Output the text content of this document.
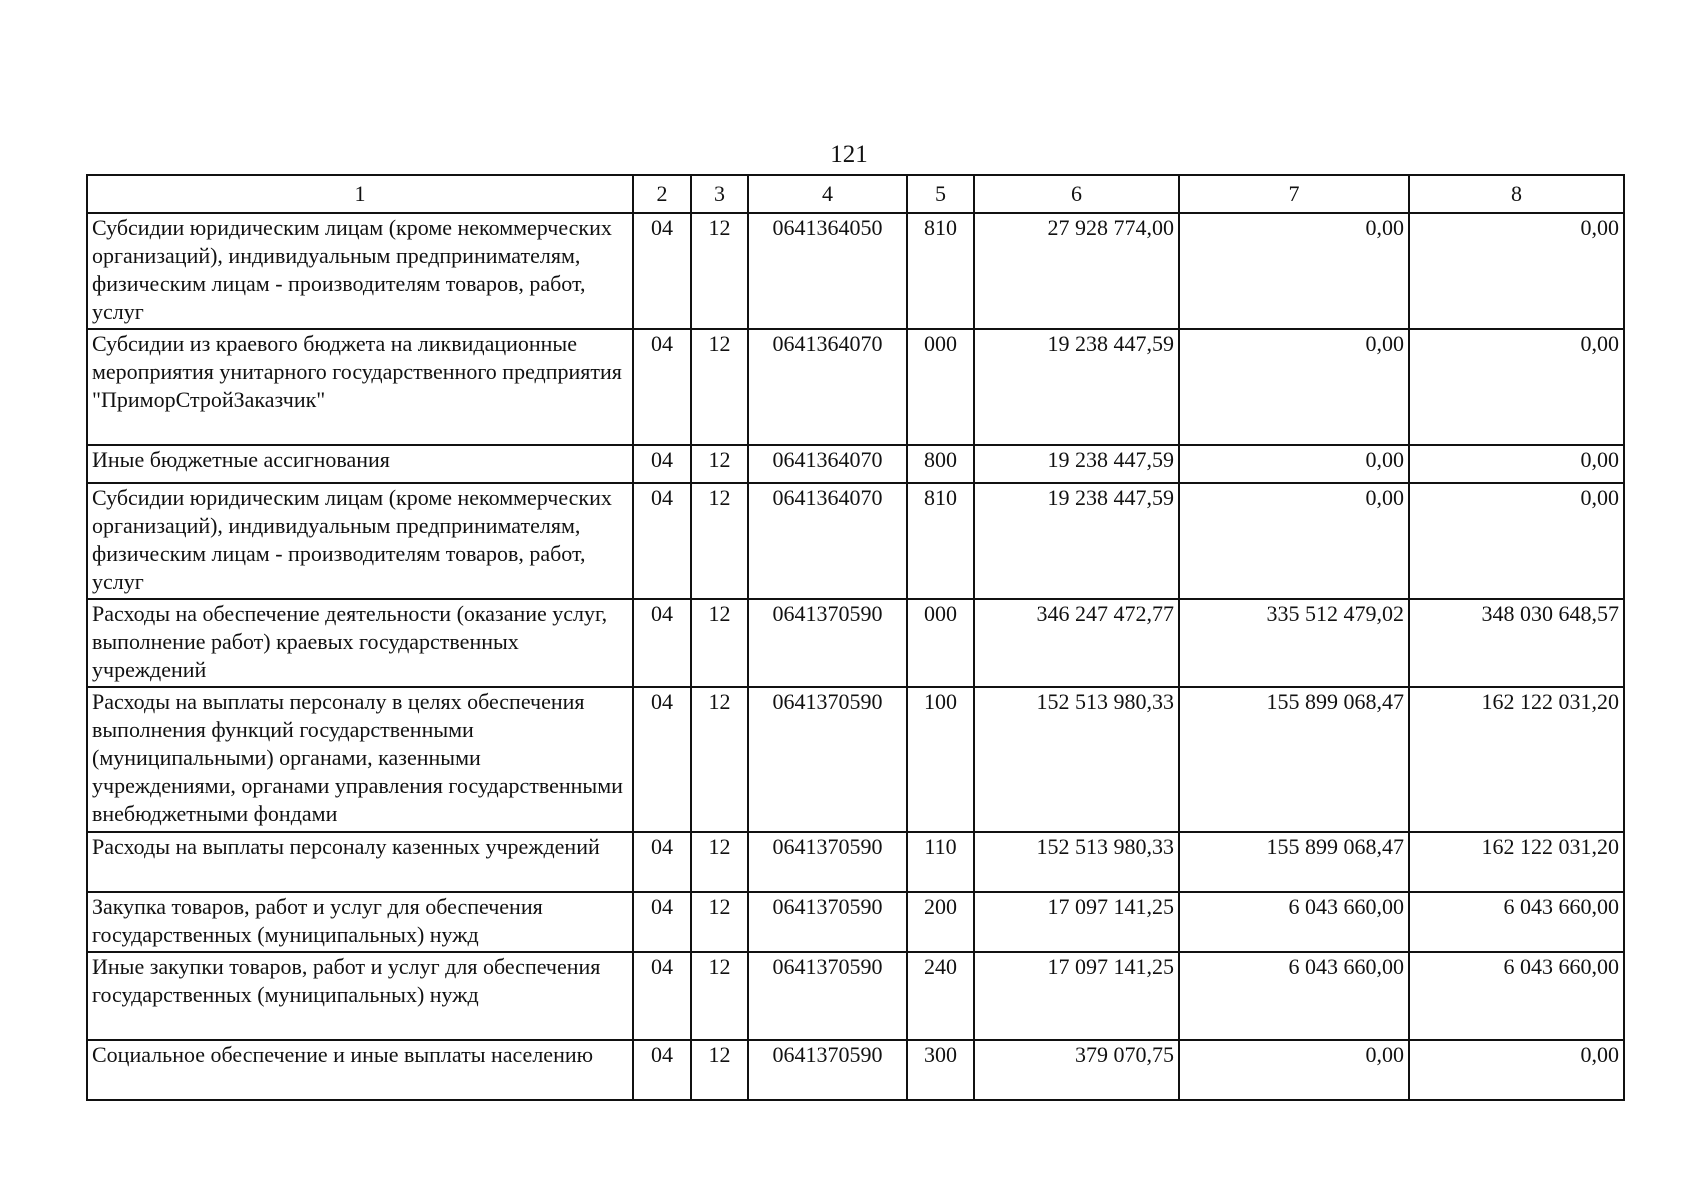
121
1	2	3	4	5	6	7	8
Субсидии юридическим лицам (кроме некоммерческих организаций), индивидуальным предпринимателям, физическим лицам - производителям товаров, работ, услуг	04	12	0641364050	810	27 928 774,00	0,00	0,00
Субсидии из краевого бюджета на ликвидационные мероприятия унитарного государственного предприятия "ПриморСтройЗаказчик"	04	12	0641364070	000	19 238 447,59	0,00	0,00
Иные бюджетные ассигнования	04	12	0641364070	800	19 238 447,59	0,00	0,00
Субсидии юридическим лицам (кроме некоммерческих организаций), индивидуальным предпринимателям, физическим лицам - производителям товаров, работ, услуг	04	12	0641364070	810	19 238 447,59	0,00	0,00
Расходы на обеспечение деятельности (оказание услуг, выполнение работ) краевых государственных учреждений	04	12	0641370590	000	346 247 472,77	335 512 479,02	348 030 648,57
Расходы на выплаты персоналу в целях обеспечения выполнения функций государственными (муниципальными) органами, казенными учреждениями, органами управления государственными внебюджетными фондами	04	12	0641370590	100	152 513 980,33	155 899 068,47	162 122 031,20
Расходы на выплаты персоналу казенных учреждений	04	12	0641370590	110	152 513 980,33	155 899 068,47	162 122 031,20
Закупка товаров, работ и услуг для обеспечения государственных (муниципальных) нужд	04	12	0641370590	200	17 097 141,25	6 043 660,00	6 043 660,00
Иные закупки товаров, работ и услуг для обеспечения государственных (муниципальных) нужд	04	12	0641370590	240	17 097 141,25	6 043 660,00	6 043 660,00
Социальное обеспечение и иные выплаты населению	04	12	0641370590	300	379 070,75	0,00	0,00
